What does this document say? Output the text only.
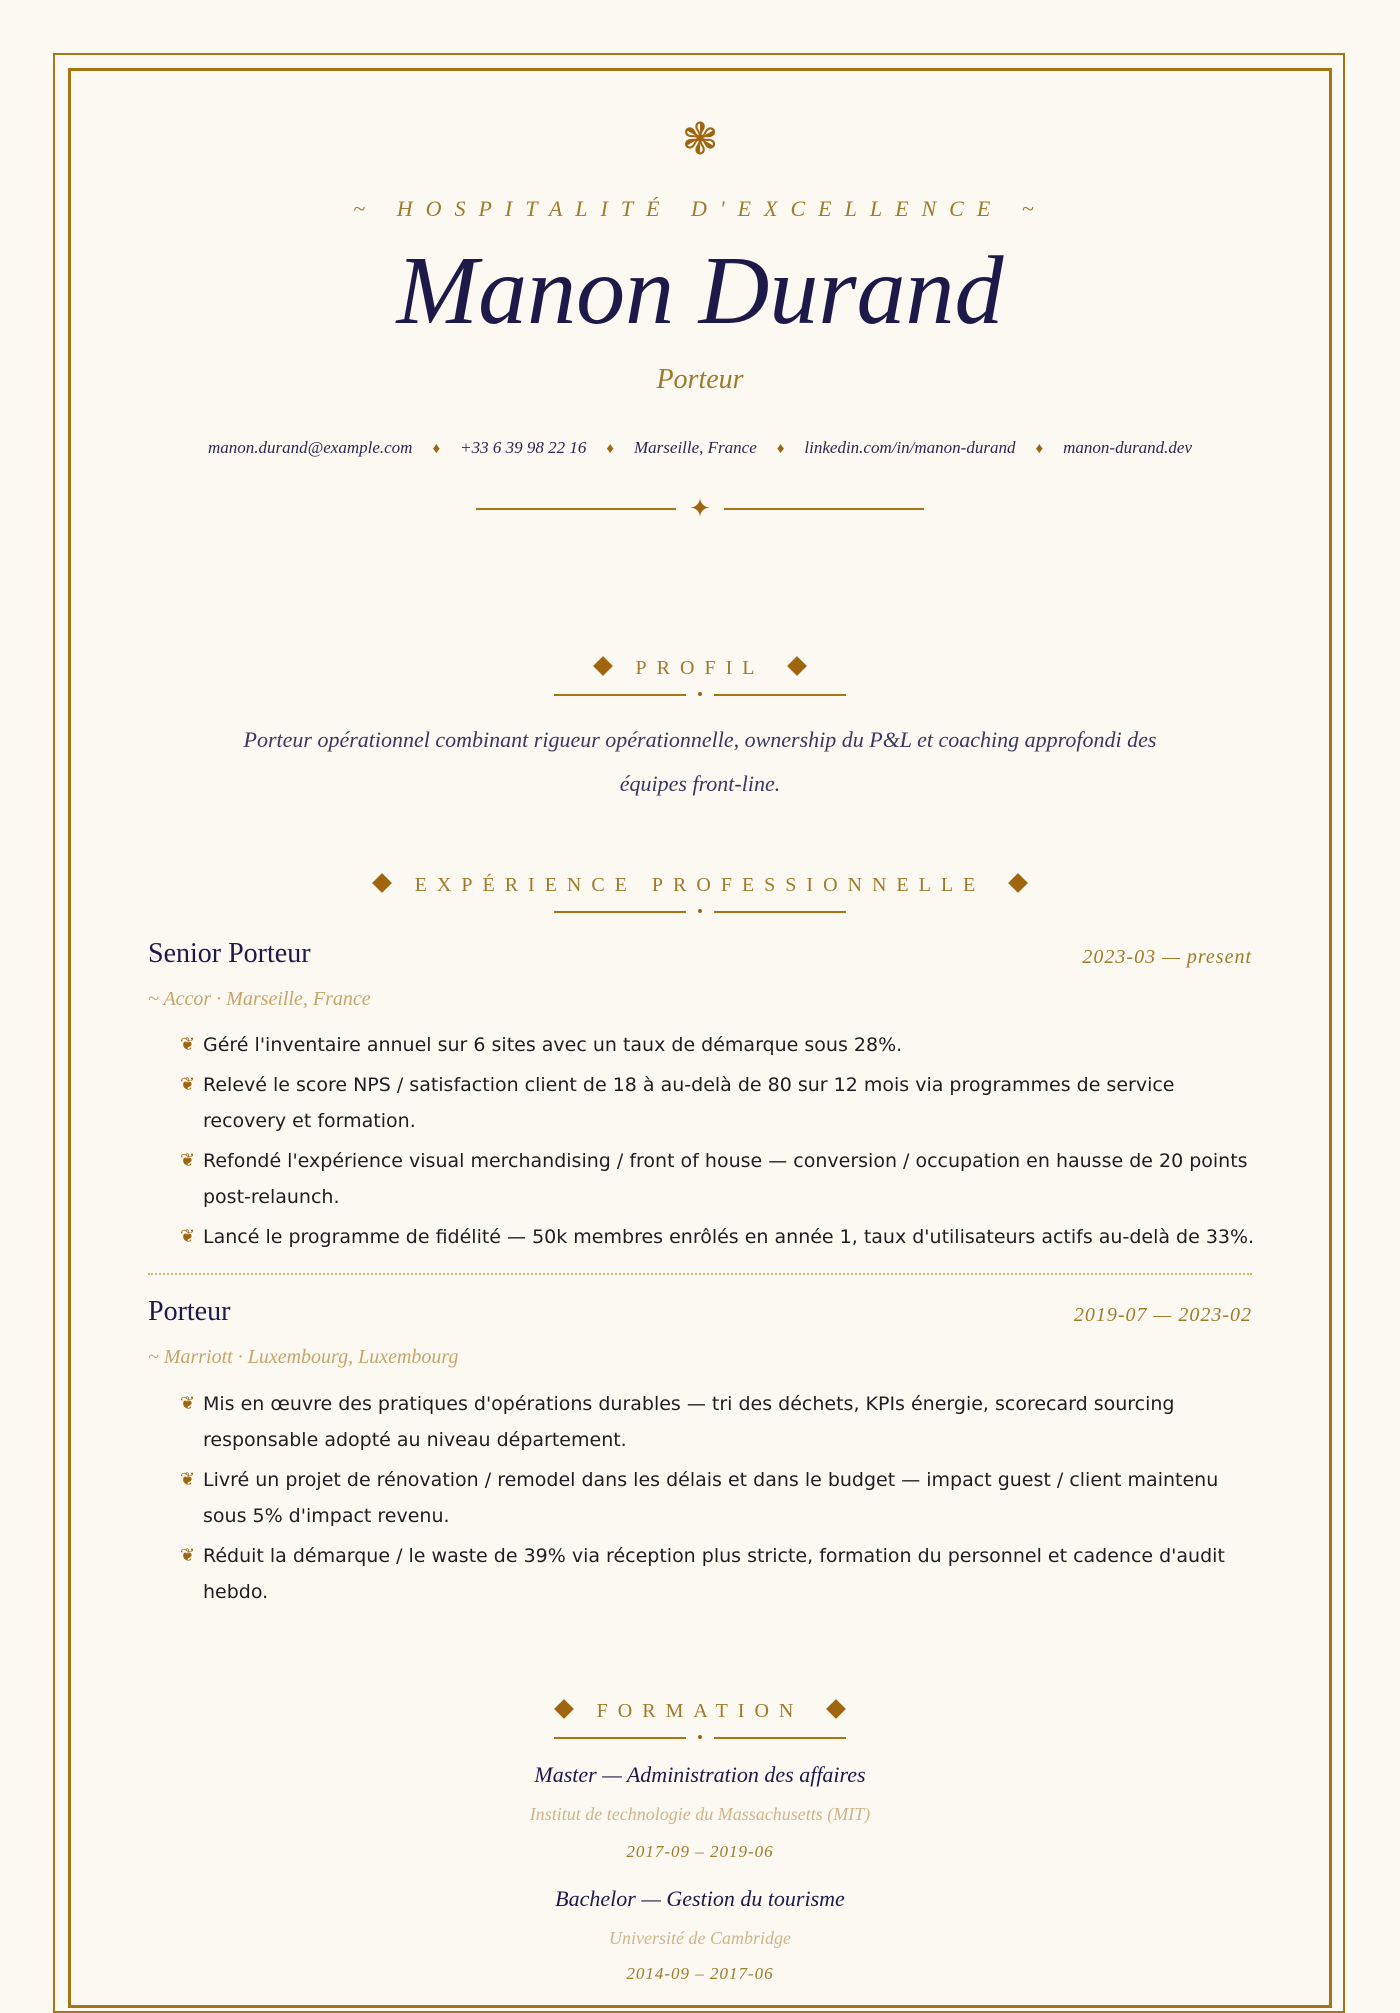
❃
~ HOSPITALITÉ D'EXCELLENCE ~
Manon Durand
Porteur
manon.durand@example.com ♦ +33 6 39 98 22 16 ♦ Marseille, France ♦ linkedin.com/in/manon-durand ♦ manon-durand.dev
✦
PROFIL
Porteur opérationnel combinant rigueur opérationnelle, ownership du P&L et coaching approfondi des équipes front-line.
EXPÉRIENCE PROFESSIONNELLE
Senior Porteur	2023-03 — present
~ Accor · Marseille, France
❦ Géré l'inventaire annuel sur 6 sites avec un taux de démarque sous 28%.
❦ Relevé le score NPS / satisfaction client de 18 à au-delà de 80 sur 12 mois via programmes de service recovery et formation.
❦ Refondé l'expérience visual merchandising / front of house — conversion / occupation en hausse de 20 points post-relaunch.
❦ Lancé le programme de fidélité — 50k membres enrôlés en année 1, taux d'utilisateurs actifs au-delà de 33%.
Porteur	2019-07 — 2023-02
~ Marriott · Luxembourg, Luxembourg
❦ Mis en œuvre des pratiques d'opérations durables — tri des déchets, KPIs énergie, scorecard sourcing responsable adopté au niveau département.
❦ Livré un projet de rénovation / remodel dans les délais et dans le budget — impact guest / client maintenu sous 5% d'impact revenu.
❦ Réduit la démarque / le waste de 39% via réception plus stricte, formation du personnel et cadence d'audit hebdo.
FORMATION
Master — Administration des affaires
Institut de technologie du Massachusetts (MIT)
2017-09 – 2019-06
Bachelor — Gestion du tourisme
Université de Cambridge
2014-09 – 2017-06
